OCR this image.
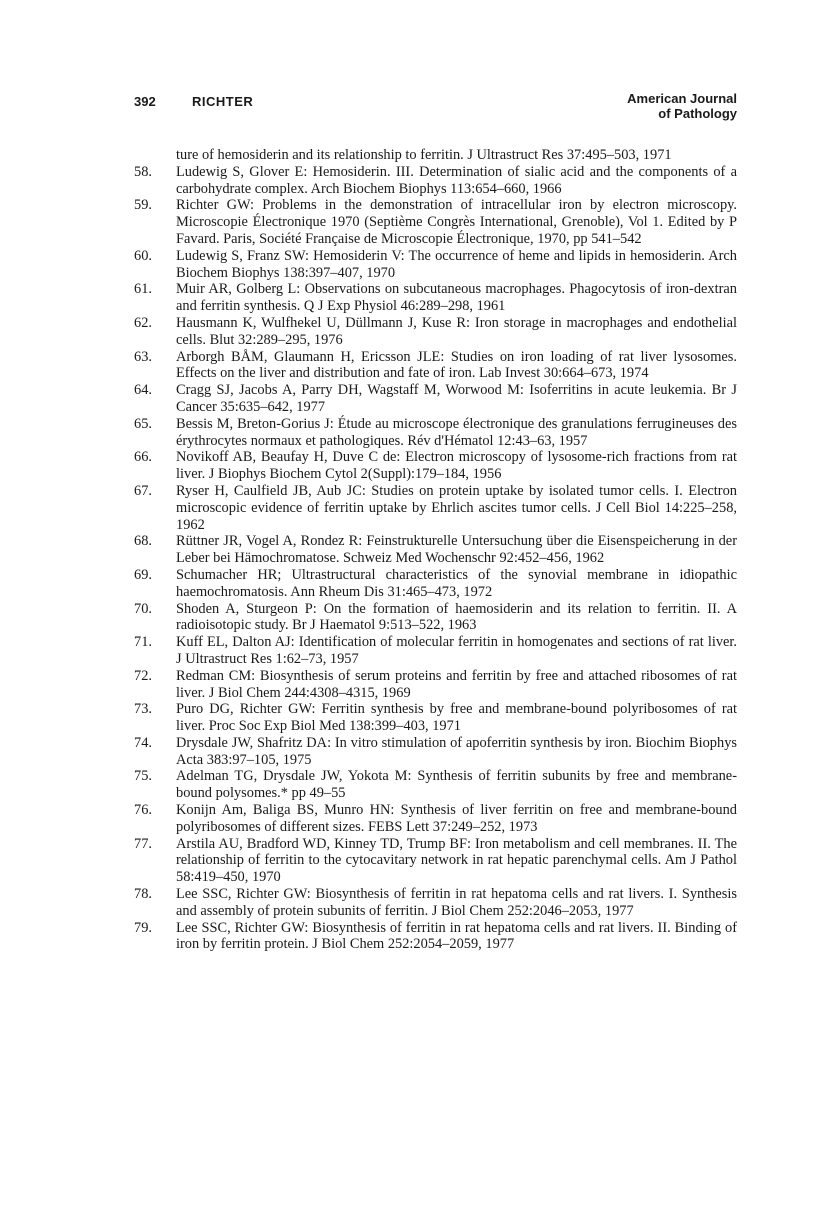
392	RICHTER	American Journal
of Pathology
ture of hemosiderin and its relationship to ferritin. J Ultrastruct Res 37:495–503, 1971
58. Ludewig S, Glover E: Hemosiderin. III. Determination of sialic acid and the components of a carbohydrate complex. Arch Biochem Biophys 113:654–660, 1966
59. Richter GW: Problems in the demonstration of intracellular iron by electron microscopy. Microscopie Électronique 1970 (Septième Congrès International, Grenoble), Vol 1. Edited by P Favard. Paris, Société Française de Microscopie Électronique, 1970, pp 541–542
60. Ludewig S, Franz SW: Hemosiderin V: The occurrence of heme and lipids in hemosiderin. Arch Biochem Biophys 138:397–407, 1970
61. Muir AR, Golberg L: Observations on subcutaneous macrophages. Phagocytosis of iron-dextran and ferritin synthesis. Q J Exp Physiol 46:289–298, 1961
62. Hausmann K, Wulfhekel U, Düllmann J, Kuse R: Iron storage in macrophages and endothelial cells. Blut 32:289–295, 1976
63. Arborgh BÅM, Glaumann H, Ericsson JLE: Studies on iron loading of rat liver lysosomes. Effects on the liver and distribution and fate of iron. Lab Invest 30:664–673, 1974
64. Cragg SJ, Jacobs A, Parry DH, Wagstaff M, Worwood M: Isoferritins in acute leukemia. Br J Cancer 35:635–642, 1977
65. Bessis M, Breton-Gorius J: Étude au microscope électronique des granulations ferrugineuses des érythrocytes normaux et pathologiques. Rév d'Hématol 12:43–63, 1957
66. Novikoff AB, Beaufay H, Duve C de: Electron microscopy of lysosome-rich fractions from rat liver. J Biophys Biochem Cytol 2(Suppl):179–184, 1956
67. Ryser H, Caulfield JB, Aub JC: Studies on protein uptake by isolated tumor cells. I. Electron microscopic evidence of ferritin uptake by Ehrlich ascites tumor cells. J Cell Biol 14:225–258, 1962
68. Rüttner JR, Vogel A, Rondez R: Feinstrukturelle Untersuchung über die Eisenspeicherung in der Leber bei Hämochromatose. Schweiz Med Wochenschr 92:452–456, 1962
69. Schumacher HR; Ultrastructural characteristics of the synovial membrane in idiopathic haemochromatosis. Ann Rheum Dis 31:465–473, 1972
70. Shoden A, Sturgeon P: On the formation of haemosiderin and its relation to ferritin. II. A radioisotopic study. Br J Haematol 9:513–522, 1963
71. Kuff EL, Dalton AJ: Identification of molecular ferritin in homogenates and sections of rat liver. J Ultrastruct Res 1:62–73, 1957
72. Redman CM: Biosynthesis of serum proteins and ferritin by free and attached ribosomes of rat liver. J Biol Chem 244:4308–4315, 1969
73. Puro DG, Richter GW: Ferritin synthesis by free and membrane-bound polyribosomes of rat liver. Proc Soc Exp Biol Med 138:399–403, 1971
74. Drysdale JW, Shafritz DA: In vitro stimulation of apoferritin synthesis by iron. Biochim Biophys Acta 383:97–105, 1975
75. Adelman TG, Drysdale JW, Yokota M: Synthesis of ferritin subunits by free and membrane-bound polysomes.* pp 49–55
76. Konijn Am, Baliga BS, Munro HN: Synthesis of liver ferritin on free and membrane-bound polyribosomes of different sizes. FEBS Lett 37:249–252, 1973
77. Arstila AU, Bradford WD, Kinney TD, Trump BF: Iron metabolism and cell membranes. II. The relationship of ferritin to the cytocavitary network in rat hepatic parenchymal cells. Am J Pathol 58:419–450, 1970
78. Lee SSC, Richter GW: Biosynthesis of ferritin in rat hepatoma cells and rat livers. I. Synthesis and assembly of protein subunits of ferritin. J Biol Chem 252:2046–2053, 1977
79. Lee SSC, Richter GW: Biosynthesis of ferritin in rat hepatoma cells and rat livers. II. Binding of iron by ferritin protein. J Biol Chem 252:2054–2059, 1977
